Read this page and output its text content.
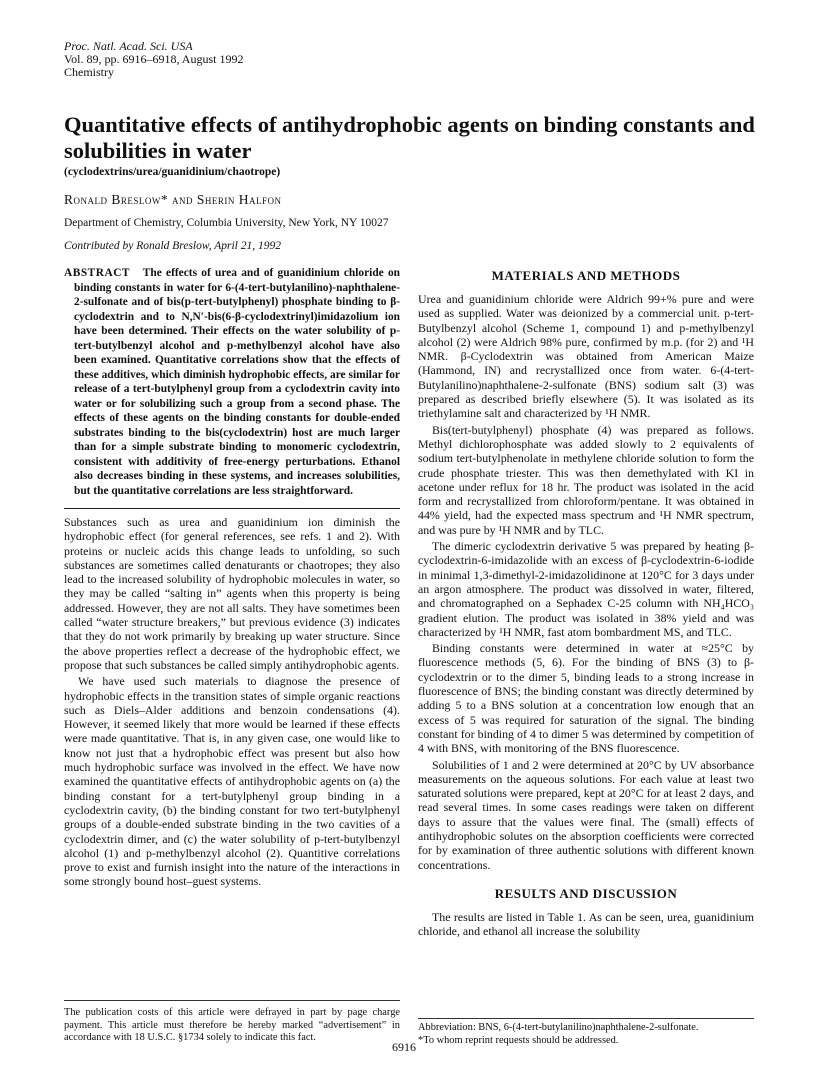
Proc. Natl. Acad. Sci. USA
Vol. 89, pp. 6916–6918, August 1992
Chemistry
Quantitative effects of antihydrophobic agents on binding constants and solubilities in water
(cyclodextrins/urea/guanidinium/chaotrope)
Ronald Breslow* and Sherin Halfon
Department of Chemistry, Columbia University, New York, NY 10027
Contributed by Ronald Breslow, April 21, 1992
ABSTRACT The effects of urea and of guanidinium chloride on binding constants in water for 6-(4-tert-butylanilino)-naphthalene-2-sulfonate and of bis(p-tert-butylphenyl) phosphate binding to β-cyclodextrin and to N,N′-bis(6-β-cyclodextrinyl)imidazolium ion have been determined. Their effects on the water solubility of p-tert-butylbenzyl alcohol and p-methylbenzyl alcohol have also been examined. Quantitative correlations show that the effects of these additives, which diminish hydrophobic effects, are similar for release of a tert-butylphenyl group from a cyclodextrin cavity into water or for solubilizing such a group from a second phase. The effects of these agents on the binding constants for double-ended substrates binding to the bis(cyclodextrin) host are much larger than for a simple substrate binding to monomeric cyclodextrin, consistent with additivity of free-energy perturbations. Ethanol also decreases binding in these systems, and increases solubilities, but the quantitative correlations are less straightforward.

Substances such as urea and guanidinium ion diminish the hydrophobic effect (for general references, see refs. 1 and 2). With proteins or nucleic acids this change leads to unfolding, so such substances are sometimes called denaturants or chaotropes; they also lead to the increased solubility of hydrophobic molecules in water, so they may be called “salting in” agents when this property is being addressed. However, they are not all salts. They have sometimes been called “water structure breakers,” but previous evidence (3) indicates that they do not work primarily by breaking up water structure. Since the above properties reflect a decrease of the hydrophobic effect, we propose that such substances be called simply antihydrophobic agents.

We have used such materials to diagnose the presence of hydrophobic effects in the transition states of simple organic reactions such as Diels–Alder additions and benzoin condensations (4). However, it seemed likely that more would be learned if these effects were made quantitative. That is, in any given case, one would like to know not just that a hydrophobic effect was present but also how much hydrophobic surface was involved in the effect. We have now examined the quantitative effects of antihydrophobic agents on (a) the binding constant for a tert-butylphenyl group binding in a cyclodextrin cavity, (b) the binding constant for two tert-butylphenyl groups of a double-ended substrate binding in the two cavities of a cyclodextrin dimer, and (c) the water solubility of p-tert-butylbenzyl alcohol (1) and p-methylbenzyl alcohol (2). Quantitive correlations prove to exist and furnish insight into the nature of the interactions in some strongly bound host–guest systems.

The publication costs of this article were defrayed in part by page charge payment. This article must therefore be hereby marked “advertisement” in accordance with 18 U.S.C. §1734 solely to indicate this fact.
MATERIALS AND METHODS

Urea and guanidinium chloride were Aldrich 99+% pure and were used as supplied. Water was deionized by a commercial unit. p-tert-Butylbenzyl alcohol (Scheme 1, compound 1) and p-methylbenzyl alcohol (2) were Aldrich 98% pure, confirmed by m.p. (for 2) and ¹H NMR. β-Cyclodextrin was obtained from American Maize (Hammond, IN) and recrystallized once from water. 6-(4-tert-Butylanilino)naphthalene-2-sulfonate (BNS) sodium salt (3) was prepared as described briefly elsewhere (5). It was isolated as its triethylamine salt and characterized by ¹H NMR.

Bis(tert-butylphenyl) phosphate (4) was prepared as follows. Methyl dichlorophosphate was added slowly to 2 equivalents of sodium tert-butylphenolate in methylene chloride solution to form the crude phosphate triester. This was then demethylated with KI in acetone under reflux for 18 hr. The product was isolated in the acid form and recrystallized from chloroform/pentane. It was obtained in 44% yield, had the expected mass spectrum and ¹H NMR spectrum, and was pure by ¹H NMR and by TLC.

The dimeric cyclodextrin derivative 5 was prepared by heating β-cyclodextrin-6-imidazolide with an excess of β-cyclodextrin-6-iodide in minimal 1,3-dimethyl-2-imidazolidinone at 120°C for 3 days under an argon atmosphere. The product was dissolved in water, filtered, and chromatographed on a Sephadex C-25 column with NH₄HCO₃ gradient elution. The product was isolated in 38% yield and was characterized by ¹H NMR, fast atom bombardment MS, and TLC.

Binding constants were determined in water at ≈25°C by fluorescence methods (5, 6). For the binding of BNS (3) to β-cyclodextrin or to the dimer 5, binding leads to a strong increase in fluorescence of BNS; the binding constant was directly determined by adding 5 to a BNS solution at a concentration low enough that an excess of 5 was required for saturation of the signal. The binding constant for binding of 4 to dimer 5 was determined by competition of 4 with BNS, with monitoring of the BNS fluorescence.

Solubilities of 1 and 2 were determined at 20°C by UV absorbance measurements on the aqueous solutions. For each value at least two saturated solutions were prepared, kept at 20°C for at least 2 days, and read several times. In some cases readings were taken on different days to assure that the values were final. The (small) effects of antihydrophobic solutes on the absorption coefficients were corrected for by examination of three authentic solutions with different known concentrations.

RESULTS AND DISCUSSION

The results are listed in Table 1. As can be seen, urea, guanidinium chloride, and ethanol all increase the solubility

Abbreviation: BNS, 6-(4-tert-butylanilino)naphthalene-2-sulfonate.
*To whom reprint requests should be addressed.
6916
